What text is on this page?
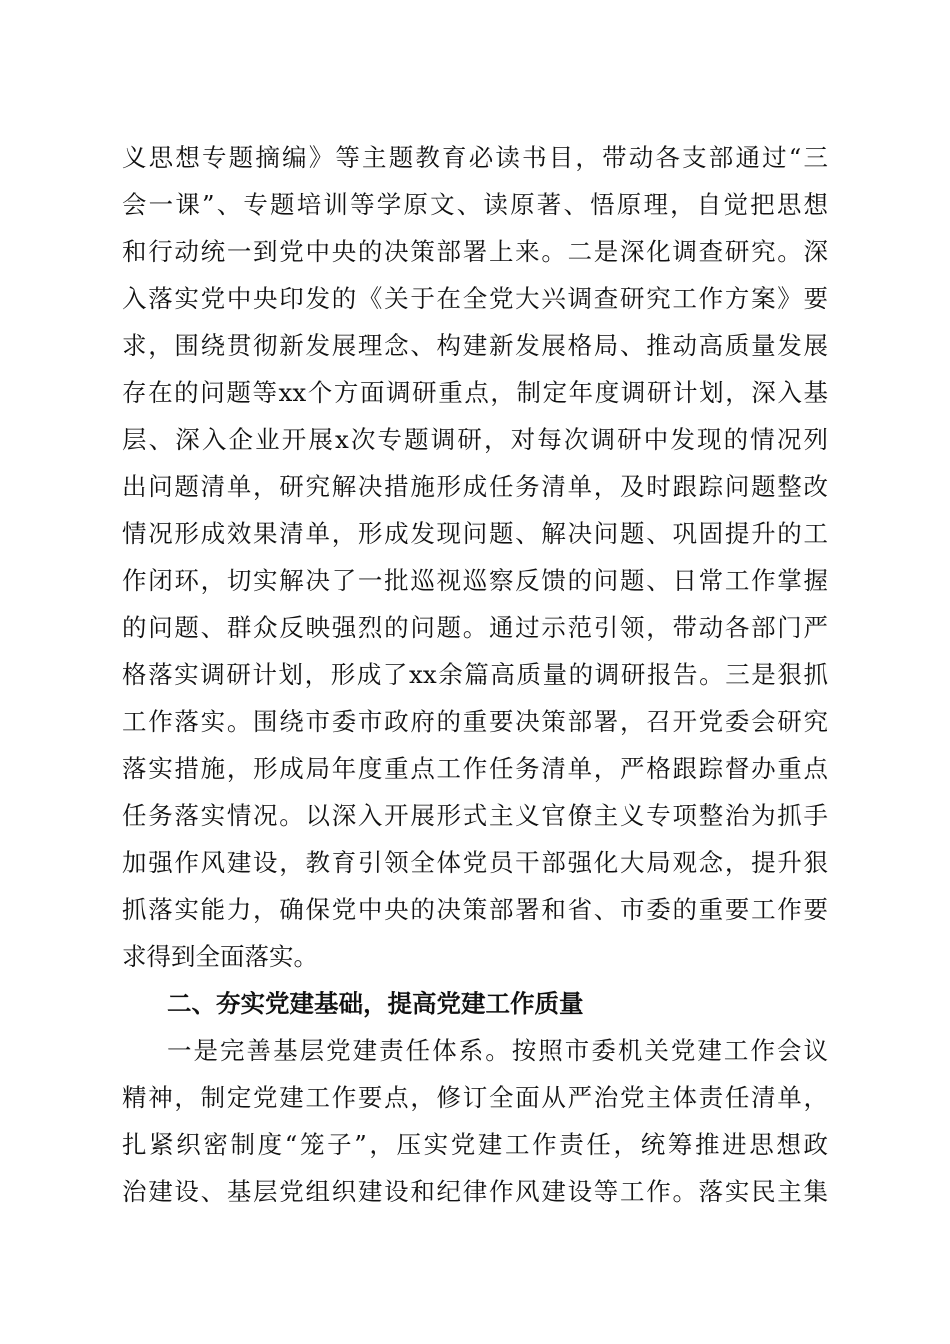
义思想专题摘编》等主题教育必读书目，带动各支部通过“三
会一课”、专题培训等学原文、读原著、悟原理，自觉把思想
和行动统一到党中央的决策部署上来。二是深化调查研究。深
入落实党中央印发的《关于在全党大兴调查研究工作方案》要
求，围绕贯彻新发展理念、构建新发展格局、推动高质量发展
存在的问题等xx个方面调研重点，制定年度调研计划，深入基
层、深入企业开展x次专题调研，对每次调研中发现的情况列
出问题清单，研究解决措施形成任务清单，及时跟踪问题整改
情况形成效果清单，形成发现问题、解决问题、巩固提升的工
作闭环，切实解决了一批巡视巡察反馈的问题、日常工作掌握
的问题、群众反映强烈的问题。通过示范引领，带动各部门严
格落实调研计划，形成了xx余篇高质量的调研报告。三是狠抓
工作落实。围绕市委市政府的重要决策部署，召开党委会研究
落实措施，形成局年度重点工作任务清单，严格跟踪督办重点
任务落实情况。以深入开展形式主义官僚主义专项整治为抓手
加强作风建设，教育引领全体党员干部强化大局观念，提升狠
抓落实能力，确保党中央的决策部署和省、市委的重要工作要
求得到全面落实。
二、夯实党建基础，提高党建工作质量
一是完善基层党建责任体系。按照市委机关党建工作会议
精神，制定党建工作要点，修订全面从严治党主体责任清单，
扎紧织密制度“笼子”，压实党建工作责任，统筹推进思想政
治建设、基层党组织建设和纪律作风建设等工作。落实民主集
